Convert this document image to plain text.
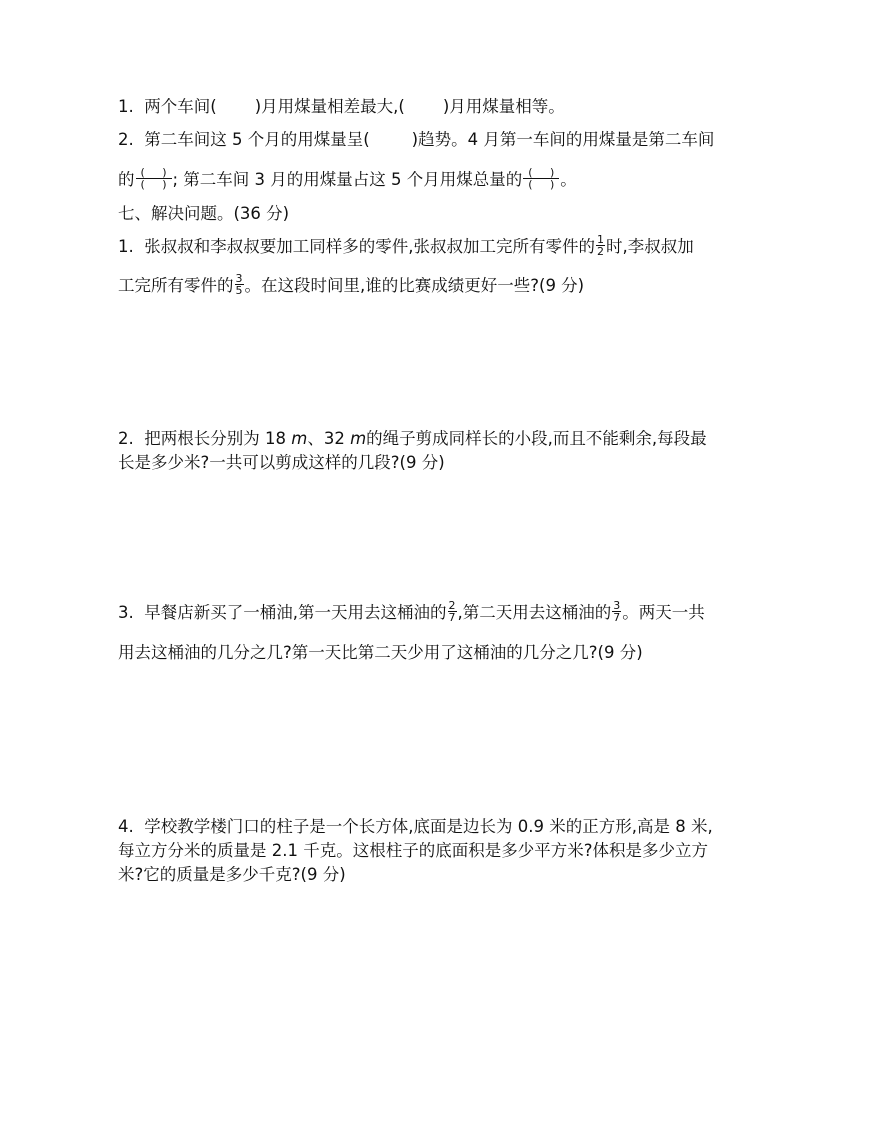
1. 两个车间( )月用煤量相差最大,( )月用煤量相等。
2. 第二车间这 5 个月的用煤量呈(        )趋势。4 月第一车间的用煤量是第二车间
的 $\frac{( )}{( )}$ ; 第二车间 3 月的用煤量占这 5 个月用煤总量的 $\frac{( )}{( )}$ 。
七、解决问题。(36 分)
1. 张叔叔和李叔叔要加工同样多的零件,张叔叔加工完所有零件的 $\frac{1}{2}$ 时,李叔叔加
工完所有零件的 $\frac{3}{5}$ 。在这段时间里,谁的比赛成绩更好一些?(9 分)
2. 把两根长分别为 18 m、32 m的绳子剪成同样长的小段,而且不能剩余,每段最
长是多少米?一共可以剪成这样的几段?(9 分)
3. 早餐店新买了一桶油,第一天用去这桶油的 $\frac{2}{7}$ ,第二天用去这桶油的 $\frac{3}{7}$ 。两天一共
用去这桶油的几分之几?第一天比第二天少用了这桶油的几分之几?(9 分)
4. 学校教学楼门口的柱子是一个长方体,底面是边长为 0.9 米的正方形,高是 8 米,
每立方分米的质量是 2.1 千克。这根柱子的底面积是多少平方米?体积是多少立方
米?它的质量是多少千克?(9 分)
